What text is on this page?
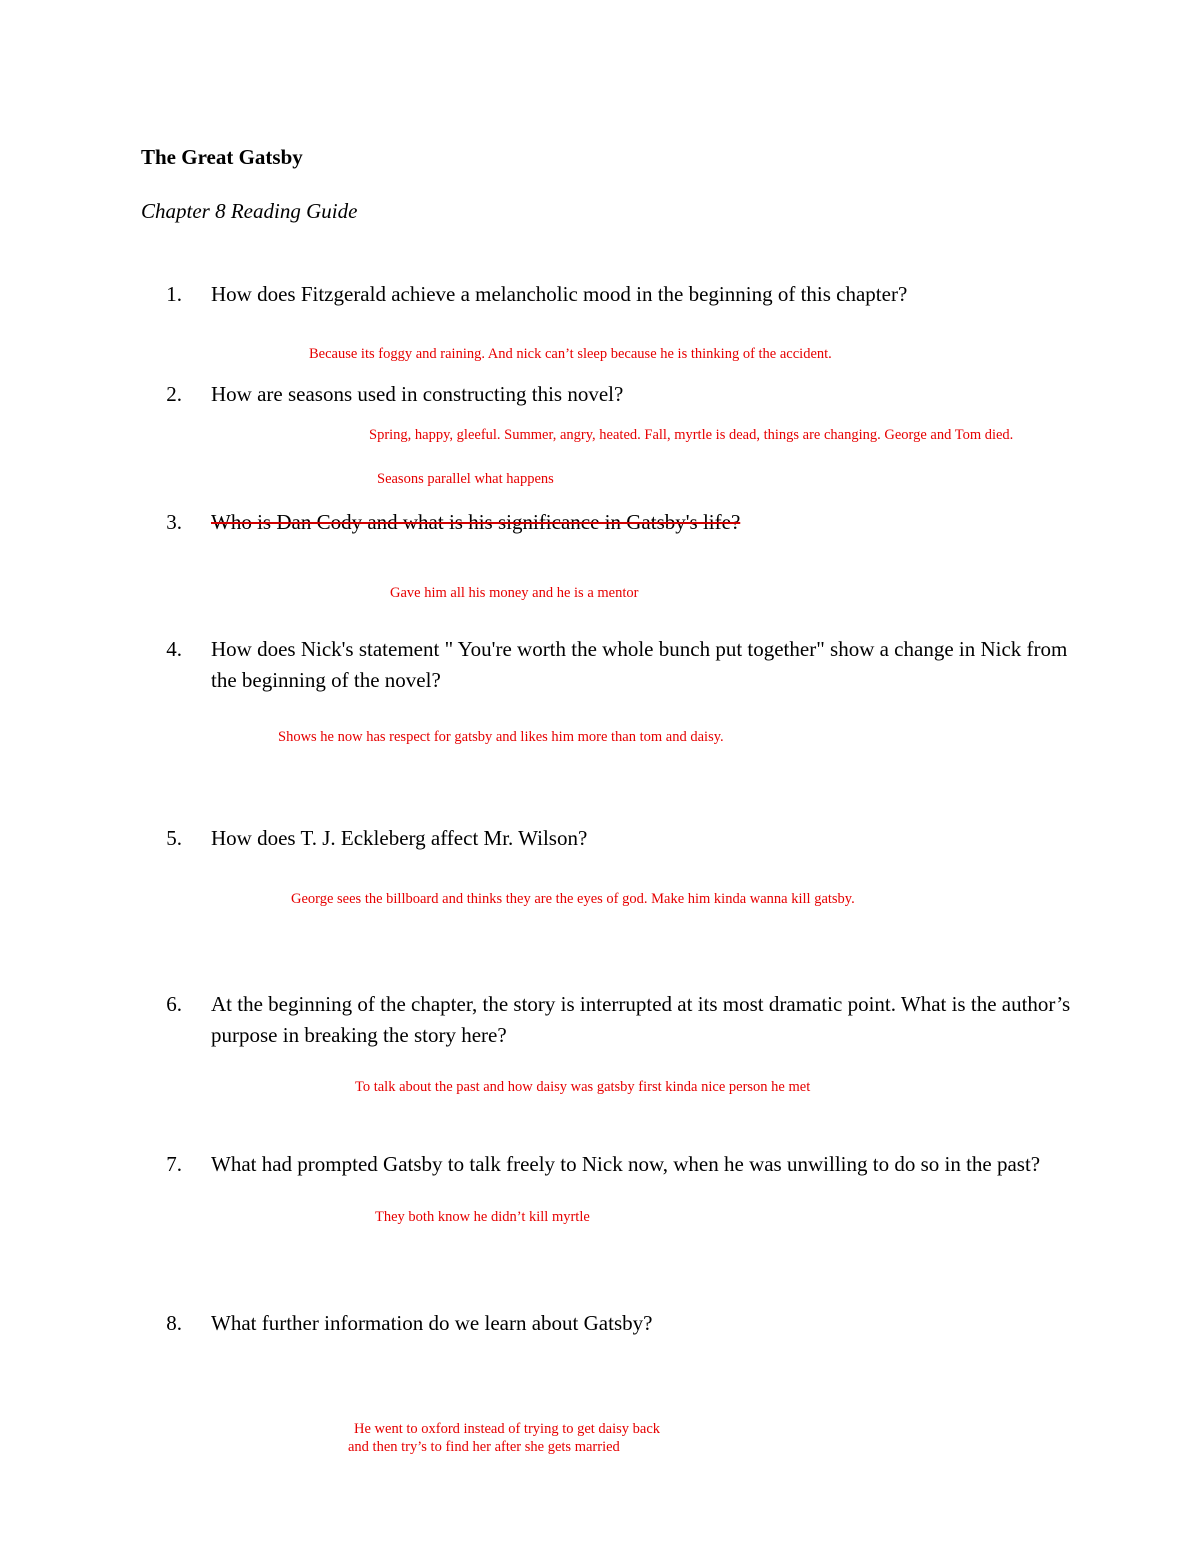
The Great Gatsby
Chapter 8 Reading Guide
1. How does Fitzgerald achieve a melancholic mood in the beginning of this chapter?
Because its foggy and raining. And nick can’t sleep because he is thinking of the accident.
2. How are seasons used in constructing this novel?
Spring, happy, gleeful. Summer, angry, heated. Fall, myrtle is dead, things are changing. George and Tom died.
Seasons parallel what happens
3. Who is Dan Cody and what is his significance in Gatsby's life?
Gave him all his money and he is a mentor
4. How does Nick's statement " You're worth the whole bunch put together" show a change in Nick from the beginning of the novel?
Shows he now has respect for gatsby and likes him more than tom and daisy.
5. How does T. J. Eckleberg affect Mr. Wilson?
George sees the billboard and thinks they are the eyes of god. Make him kinda wanna kill gatsby.
6. At the beginning of the chapter, the story is interrupted at its most dramatic point. What is the author’s purpose in breaking the story here?
To talk about the past and how daisy was gatsby first kinda nice person he met
7. What had prompted Gatsby to talk freely to Nick now, when he was unwilling to do so in the past?
They both know he didn’t kill myrtle
8. What further information do we learn about Gatsby?
He went to oxford instead of trying to get daisy back
and then try’s to find her after she gets married
